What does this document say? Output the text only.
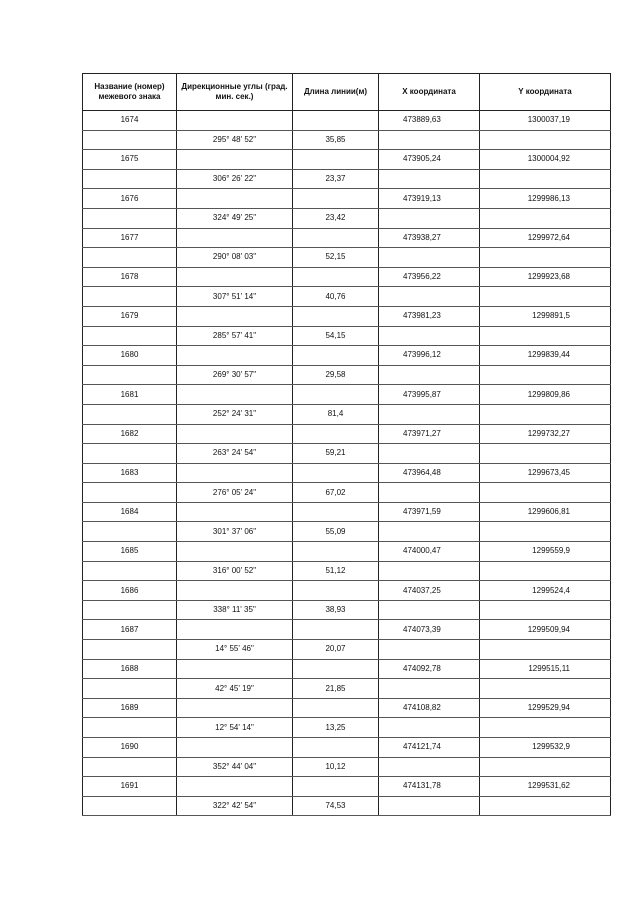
Название (номер) межевого знака	Дирекционные углы (град. мин. сек.)	Длина линии(м)	X координата	Y координата
1674			473889,63	1300037,19
	295° 48' 52"	35,85		
1675			473905,24	1300004,92
	306° 26' 22"	23,37		
1676			473919,13	1299986,13
	324° 49' 25"	23,42		
1677			473938,27	1299972,64
	290° 08' 03"	52,15		
1678			473956,22	1299923,68
	307° 51' 14"	40,76		
1679			473981,23	1299891,5
	285° 57' 41"	54,15		
1680			473996,12	1299839,44
	269° 30' 57"	29,58		
1681			473995,87	1299809,86
	252° 24' 31"	81,4		
1682			473971,27	1299732,27
	263° 24' 54"	59,21		
1683			473964,48	1299673,45
	276° 05' 24"	67,02		
1684			473971,59	1299606,81
	301° 37' 06"	55,09		
1685			474000,47	1299559,9
	316° 00' 52"	51,12		
1686			474037,25	1299524,4
	338° 11' 35"	38,93		
1687			474073,39	1299509,94
	14° 55' 46"	20,07		
1688			474092,78	1299515,11
	42° 45' 19"	21,85		
1689			474108,82	1299529,94
	12° 54' 14"	13,25		
1690			474121,74	1299532,9
	352° 44' 04"	10,12		
1691			474131,78	1299531,62
	322° 42' 54"	74,53		
